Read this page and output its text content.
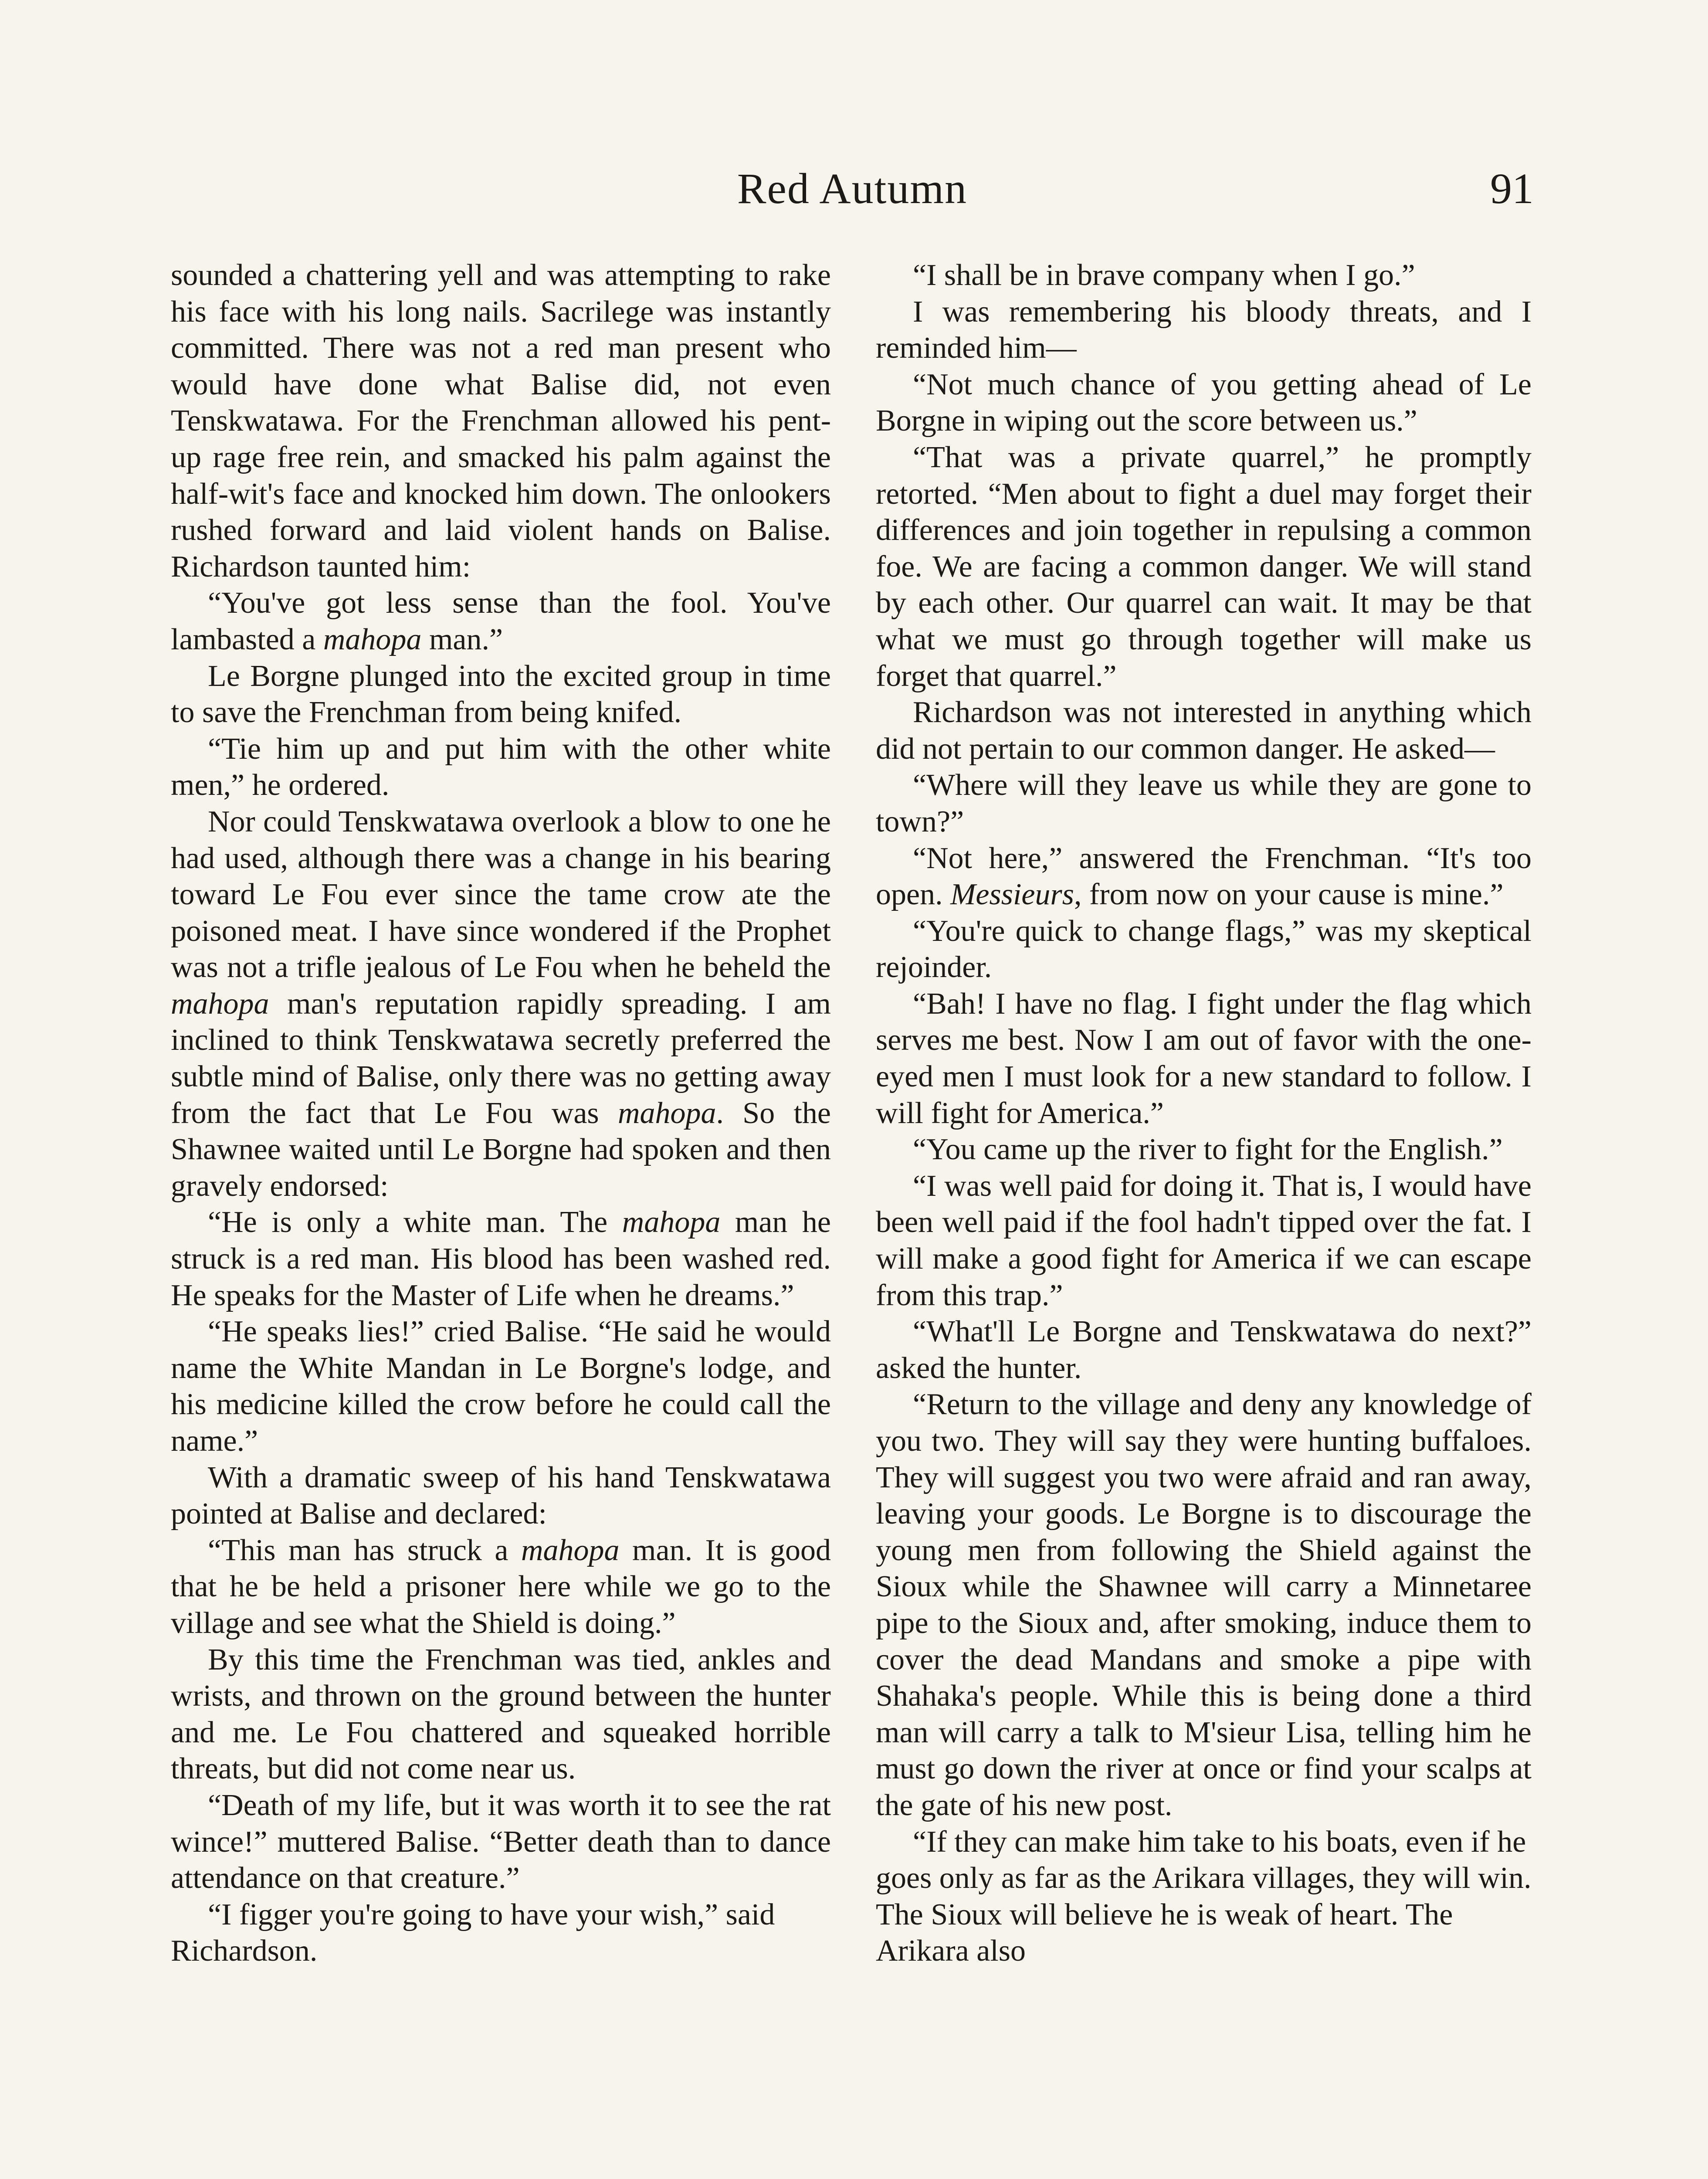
Red Autumn	91

sounded a chattering yell and was attempting to rake his face with his long nails. Sacrilege was instantly committed. There was not a red man present who would have done what Balise did, not even Tenskwatawa. For the Frenchman allowed his pent-up rage free rein, and smacked his palm against the half-wit's face and knocked him down. The onlookers rushed forward and laid violent hands on Balise. Richardson taunted him:

“You've got less sense than the fool. You've lambasted a mahopa man.”

Le Borgne plunged into the excited group in time to save the Frenchman from being knifed.

“Tie him up and put him with the other white men,” he ordered.

Nor could Tenskwatawa overlook a blow to one he had used, although there was a change in his bearing toward Le Fou ever since the tame crow ate the poisoned meat. I have since wondered if the Prophet was not a trifle jealous of Le Fou when he beheld the mahopa man's reputation rapidly spreading. I am inclined to think Tenskwatawa secretly preferred the subtle mind of Balise, only there was no getting away from the fact that Le Fou was mahopa. So the Shawnee waited until Le Borgne had spoken and then gravely endorsed:

“He is only a white man. The mahopa man he struck is a red man. His blood has been washed red. He speaks for the Master of Life when he dreams.”

“He speaks lies!” cried Balise. “He said he would name the White Mandan in Le Borgne's lodge, and his medicine killed the crow before he could call the name.”

With a dramatic sweep of his hand Tenskwatawa pointed at Balise and declared:

“This man has struck a mahopa man. It is good that he be held a prisoner here while we go to the village and see what the Shield is doing.”

By this time the Frenchman was tied, ankles and wrists, and thrown on the ground between the hunter and me. Le Fou chattered and squeaked horrible threats, but did not come near us.

“Death of my life, but it was worth it to see the rat wince!” muttered Balise. “Better death than to dance attendance on that creature.”

“I figger you're going to have your wish,” said Richardson.

“I shall be in brave company when I go.”

I was remembering his bloody threats, and I reminded him—

“Not much chance of you getting ahead of Le Borgne in wiping out the score between us.”

“That was a private quarrel,” he promptly retorted. “Men about to fight a duel may forget their differences and join together in repulsing a common foe. We are facing a common danger. We will stand by each other. Our quarrel can wait. It may be that what we must go through together will make us forget that quarrel.”

Richardson was not interested in anything which did not pertain to our common danger. He asked—

“Where will they leave us while they are gone to town?”

“Not here,” answered the Frenchman. “It's too open. Messieurs, from now on your cause is mine.”

“You're quick to change flags,” was my skeptical rejoinder.

“Bah! I have no flag. I fight under the flag which serves me best. Now I am out of favor with the one-eyed men I must look for a new standard to follow. I will fight for America.”

“You came up the river to fight for the English.”

“I was well paid for doing it. That is, I would have been well paid if the fool hadn't tipped over the fat. I will make a good fight for America if we can escape from this trap.”

“What'll Le Borgne and Tenskwatawa do next?” asked the hunter.

“Return to the village and deny any knowledge of you two. They will say they were hunting buffaloes. They will suggest you two were afraid and ran away, leaving your goods. Le Borgne is to discourage the young men from following the Shield against the Sioux while the Shawnee will carry a Minnetaree pipe to the Sioux and, after smoking, induce them to cover the dead Mandans and smoke a pipe with Shahaka's people. While this is being done a third man will carry a talk to M'sieur Lisa, telling him he must go down the river at once or find your scalps at the gate of his new post.

“If they can make him take to his boats, even if he goes only as far as the Arikara villages, they will win. The Sioux will believe he is weak of heart. The Arikara also
